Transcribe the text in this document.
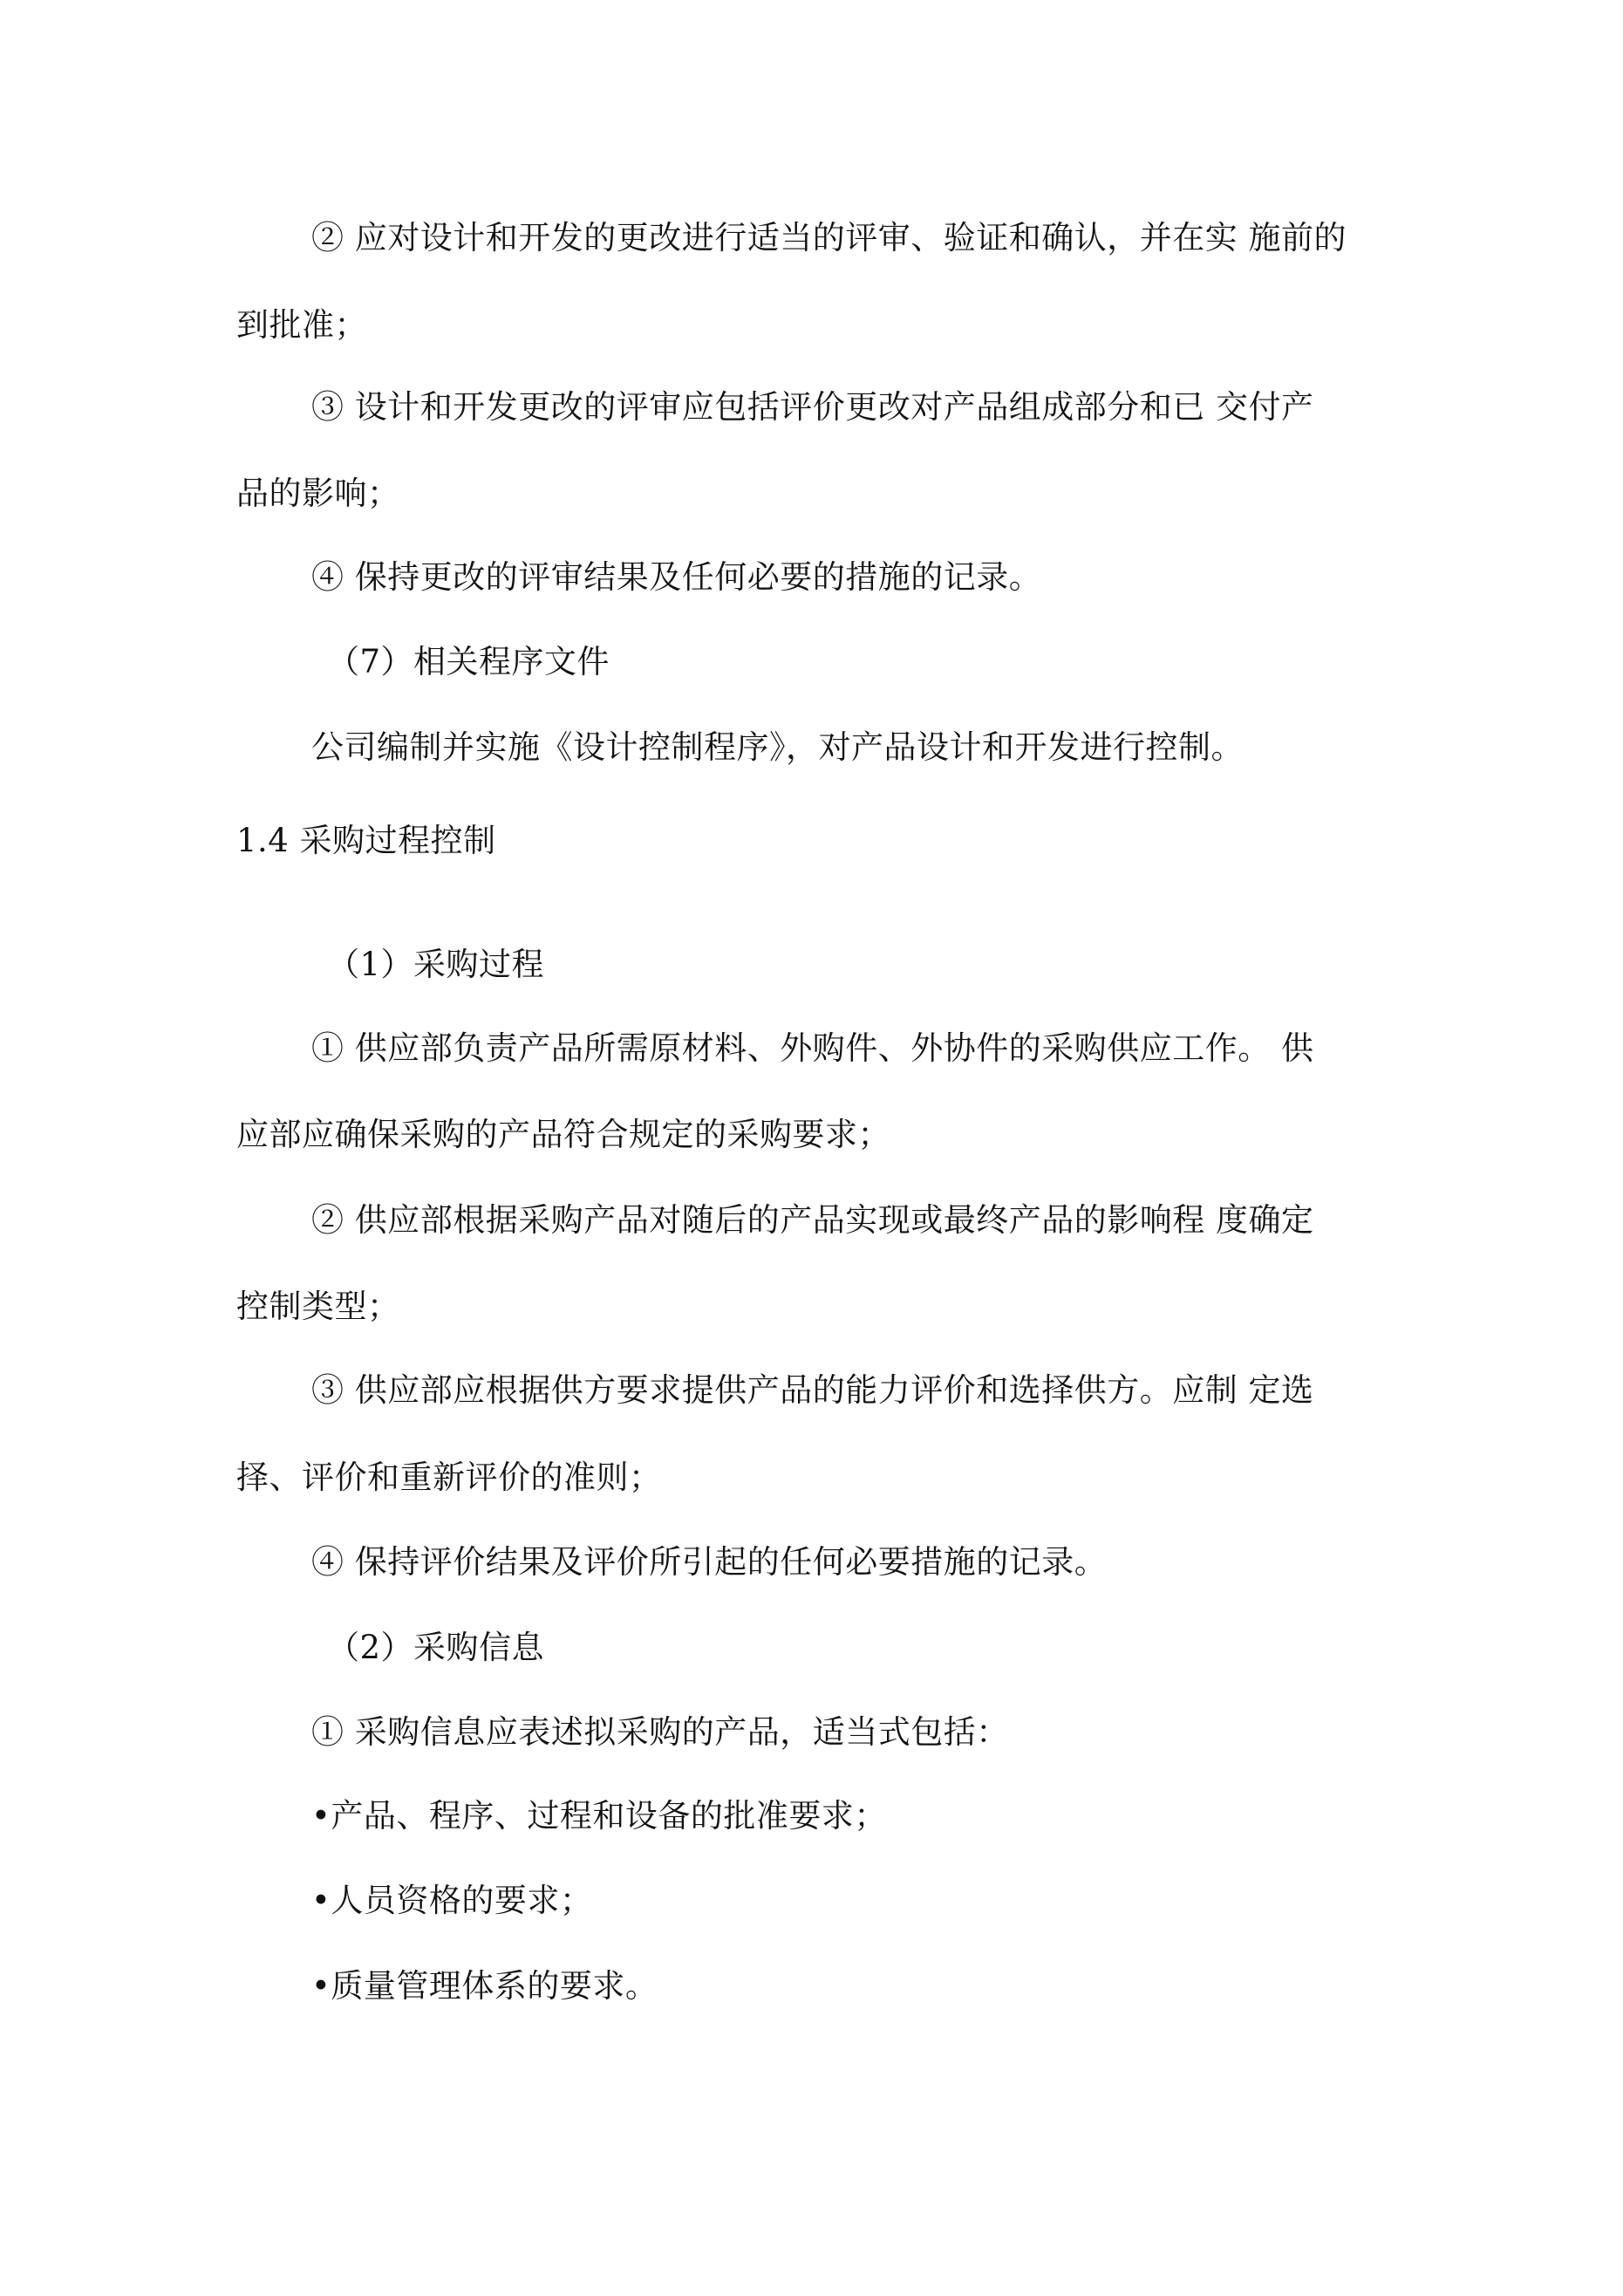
② 应对设计和开发的更改进行适当的评审、验证和确认，并在实 施前的
到批准；
③ 设计和开发更改的评审应包括评价更改对产品组成部分和已 交付产
品的影响；
④ 保持更改的评审结果及任何必要的措施的记录。
（7）相关程序文件
公司编制并实施《设计控制程序》，对产品设计和开发进行控制。
1.4 采购过程控制
（1）采购过程
① 供应部负责产品所需原材料、外购件、外协件的采购供应工作。 供
应部应确保采购的产品符合规定的采购要求；
② 供应部根据采购产品对随后的产品实现或最终产品的影响程 度确定
控制类型；
③ 供应部应根据供方要求提供产品的能力评价和选择供方。应制 定选
择、评价和重新评价的准则；
④ 保持评价结果及评价所引起的任何必要措施的记录。
（2）采购信息
① 采购信息应表述拟采购的产品，适当式包括：
•产品、程序、过程和设备的批准要求；
•人员资格的要求；
•质量管理体系的要求。
